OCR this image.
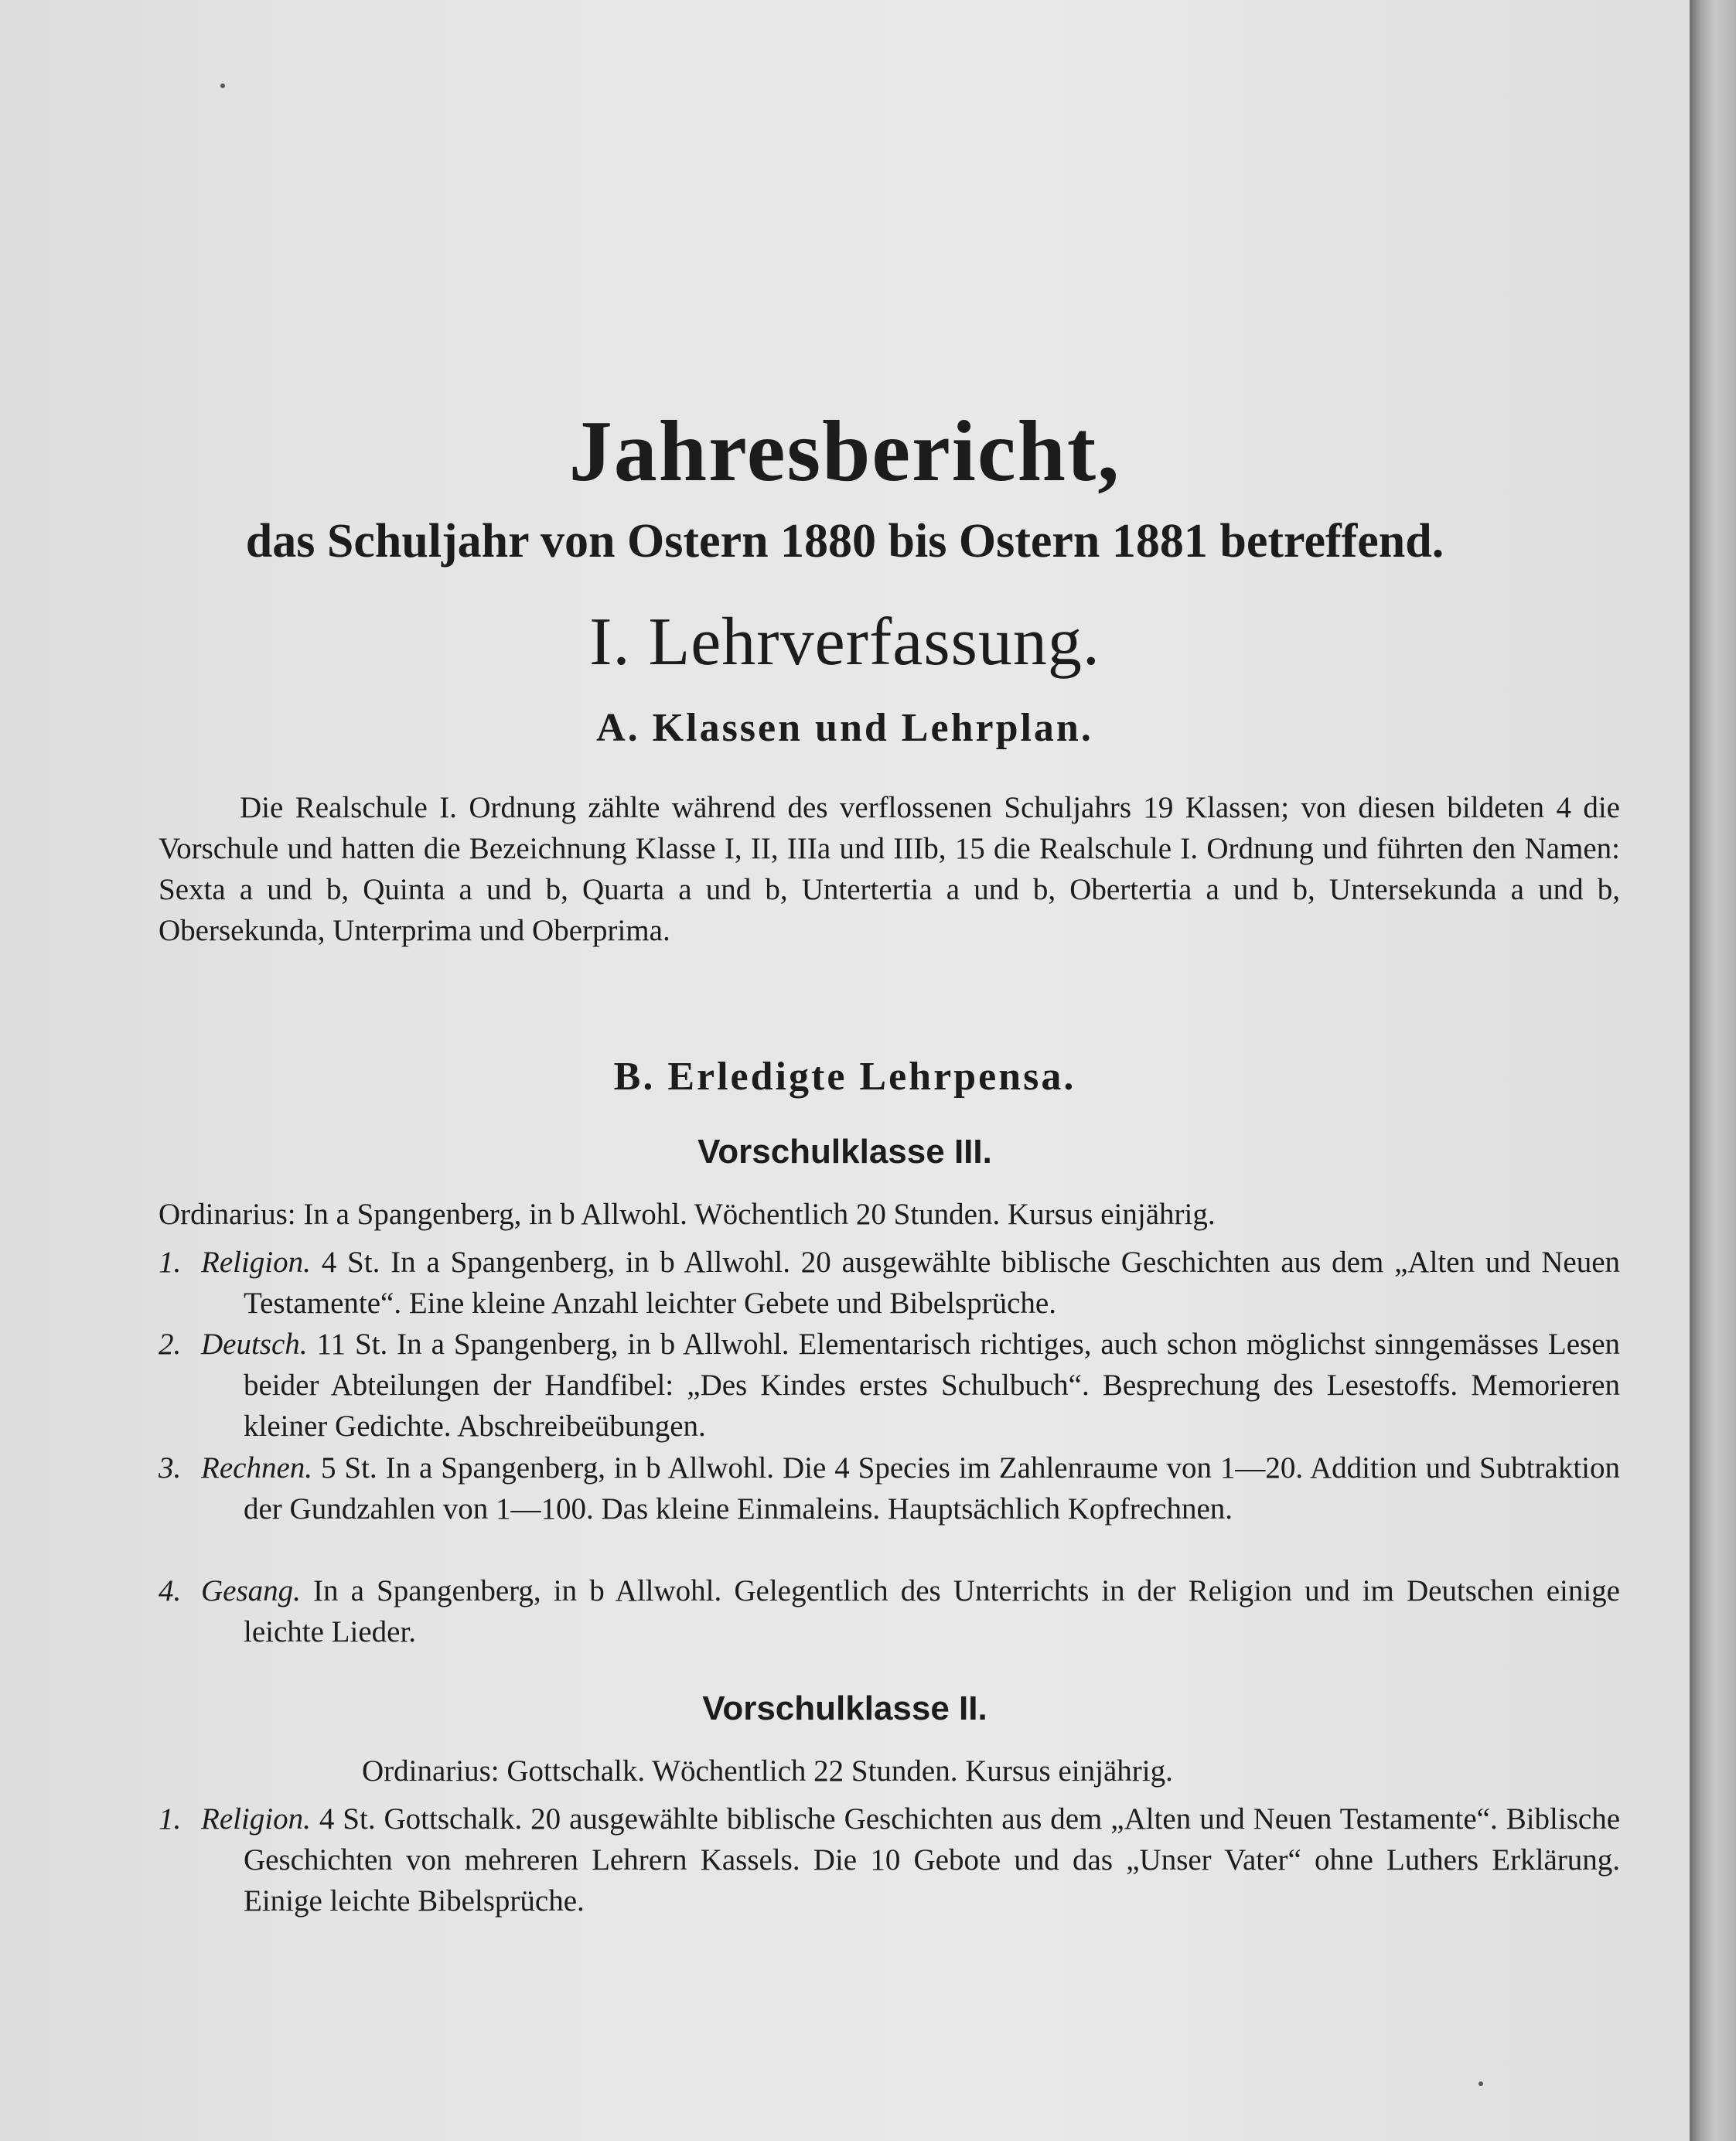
Jahresbericht,
das Schuljahr von Ostern 1880 bis Ostern 1881 betreffend.
I. Lehrverfassung.
A. Klassen und Lehrplan.
Die Realschule I. Ordnung zählte während des verflossenen Schuljahrs 19 Klassen; von diesen bildeten 4 die Vorschule und hatten die Bezeichnung Klasse I, II, IIIa und IIIb, 15 die Realschule I. Ordnung und führten den Namen: Sexta a und b, Quinta a und b, Quarta a und b, Untertertia a und b, Obertertia a und b, Untersekunda a und b, Obersekunda, Unterprima und Oberprima.
B. Erledigte Lehrpensa.
Vorschulklasse III.
Ordinarius: In a Spangenberg, in b Allwohl. Wöchentlich 20 Stunden. Kursus einjährig.
1. Religion. 4 St. In a Spangenberg, in b Allwohl. 20 ausgewählte biblische Geschichten aus dem „Alten und Neuen Testamente“. Eine kleine Anzahl leichter Gebete und Bibelsprüche.
2. Deutsch. 11 St. In a Spangenberg, in b Allwohl. Elementarisch richtiges, auch schon möglichst sinngemässes Lesen beider Abteilungen der Handfibel: „Des Kindes erstes Schulbuch“. Besprechung des Lesestoffs. Memorieren kleiner Gedichte. Abschreibeübungen.
3. Rechnen. 5 St. In a Spangenberg, in b Allwohl. Die 4 Species im Zahlenraume von 1—20. Addition und Subtraktion der Gundzahlen von 1—100. Das kleine Einmaleins. Hauptsächlich Kopfrechnen.
4. Gesang. In a Spangenberg, in b Allwohl. Gelegentlich des Unterrichts in der Religion und im Deutschen einige leichte Lieder.
Vorschulklasse II.
Ordinarius: Gottschalk. Wöchentlich 22 Stunden. Kursus einjährig.
1. Religion. 4 St. Gottschalk. 20 ausgewählte biblische Geschichten aus dem „Alten und Neuen Testamente“. Biblische Geschichten von mehreren Lehrern Kassels. Die 10 Gebote und das „Unser Vater“ ohne Luthers Erklärung. Einige leichte Bibelsprüche.
